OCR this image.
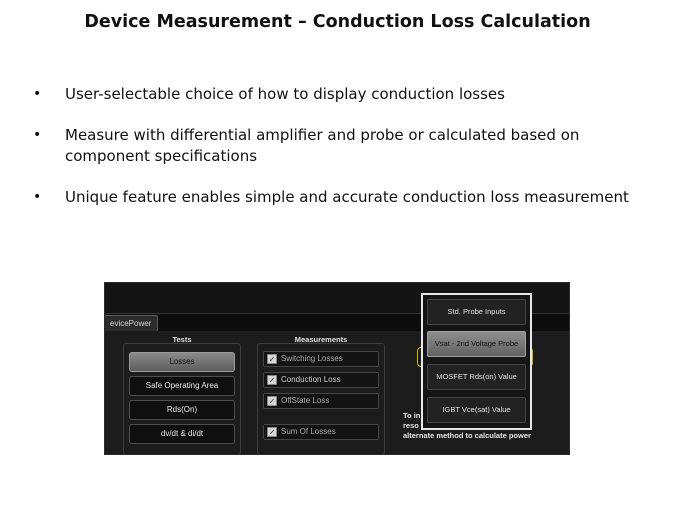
Device Measurement – Conduction Loss Calculation
• User-selectable choice of how to display conduction losses
• Measure with differential amplifier and probe or calculated based on component specifications
• Unique feature enables simple and accurate conduction loss measurement
evicePower
Tests
Losses
Safe Operating Area
Rds(On)
dv/dt & di/dt
Measurements
✓ Switching Losses
✓ Conduction Loss
✓ OffState Loss
✓ Sum Of Losses
To in
reso
alternate method to calculate power
Std. Probe Inputs
Vsat - 2nd Voltage Probe
MOSFET Rds(on) Value
IGBT Vce(sat) Value
